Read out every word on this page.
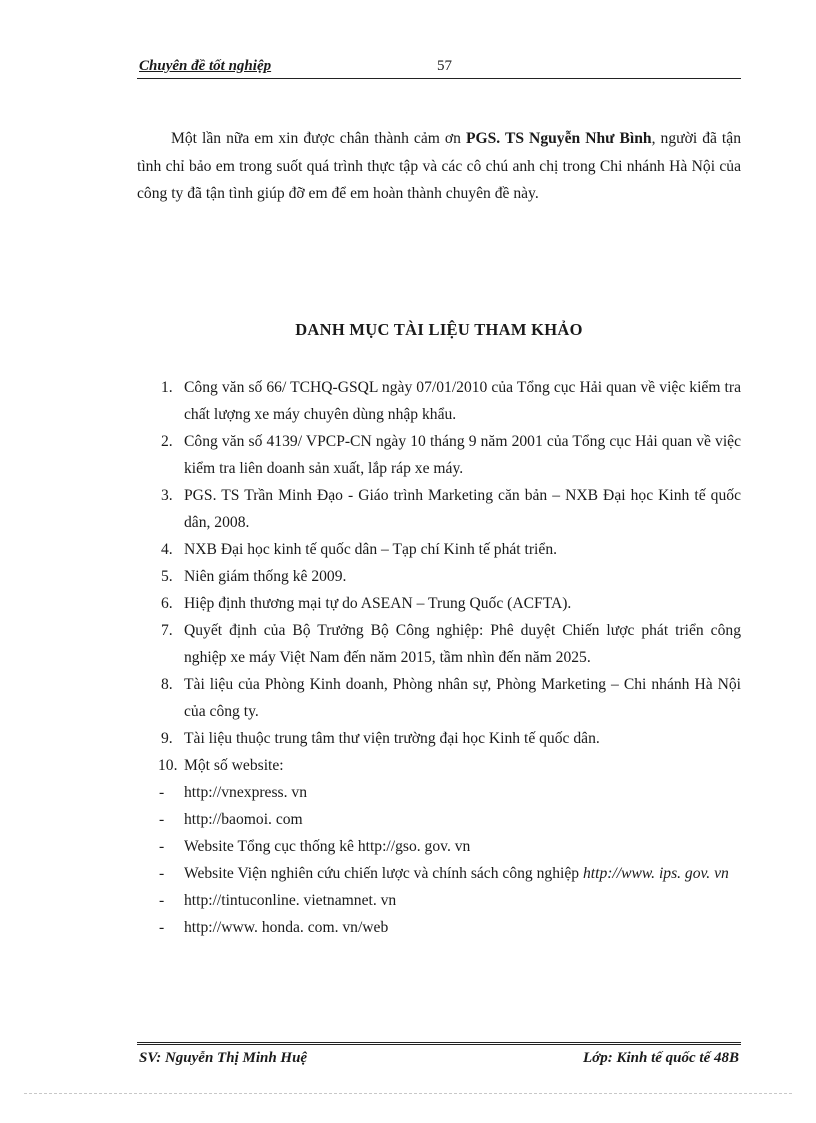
Chuyên đề tốt nghiệp	57

Một lần nữa em xin được chân thành cảm ơn PGS. TS Nguyễn Như Bình, người đã tận tình chỉ bảo em trong suốt quá trình thực tập và các cô chú anh chị trong Chi nhánh Hà Nội của công ty đã tận tình giúp đỡ em để em hoàn thành chuyên đề này.

DANH MỤC TÀI LIỆU THAM KHẢO
1. Công văn số 66/ TCHQ-GSQL ngày 07/01/2010 của Tổng cục Hải quan về việc kiểm tra chất lượng xe máy chuyên dùng nhập khẩu.
2. Công văn số 4139/ VPCP-CN ngày 10 tháng 9 năm 2001 của Tổng cục Hải quan về việc kiểm tra liên doanh sản xuất, lắp ráp xe máy.
3. PGS. TS Trần Minh Đạo - Giáo trình Marketing căn bản – NXB Đại học Kinh tế quốc dân, 2008.
4. NXB Đại học kinh tế quốc dân – Tạp chí Kinh tế phát triển.
5. Niên giám thống kê 2009.
6. Hiệp định thương mại tự do ASEAN – Trung Quốc (ACFTA).
7. Quyết định của Bộ Trưởng Bộ Công nghiệp: Phê duyệt Chiến lược phát triển công nghiệp xe máy Việt Nam đến năm 2015, tầm nhìn đến năm 2025.
8. Tài liệu của Phòng Kinh doanh, Phòng nhân sự, Phòng Marketing – Chi nhánh Hà Nội của công ty.
9. Tài liệu thuộc trung tâm thư viện trường đại học Kinh tế quốc dân.
10. Một số website:
- http://vnexpress. vn
- http://baomoi. com
- Website Tổng cục thống kê http://gso. gov. vn
- Website Viện nghiên cứu chiến lược và chính sách công nghiệp http://www. ips. gov. vn
- http://tintuconline. vietnamnet. vn
- http://www. honda. com. vn/web
SV: Nguyễn Thị Minh Huệ	Lớp: Kinh tế quốc tế 48B
